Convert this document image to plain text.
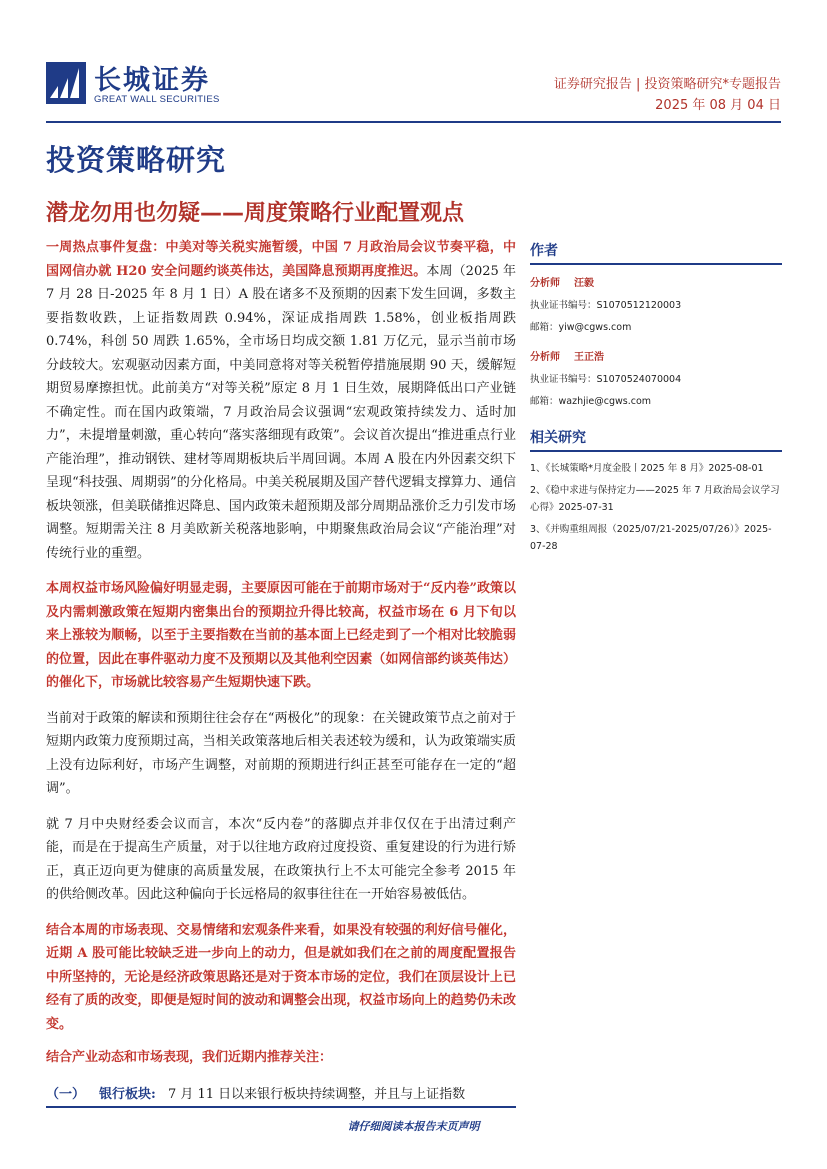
长城证券
GREAT WALL SECURITIES
证券研究报告 | 投资策略研究*专题报告
2025 年 08 月 04 日
投资策略研究
潜龙勿用也勿疑——周度策略行业配置观点

一周热点事件复盘：中美对等关税实施暂缓，中国 7 月政治局会议节奏平稳，中国网信办就 H20 安全问题约谈英伟达，美国降息预期再度推迟。本周（2025 年 7 月 28 日-2025 年 8 月 1 日）A 股在诸多不及预期的因素下发生回调，多数主要指数收跌，上证指数周跌 0.94%，深证成指周跌 1.58%，创业板指周跌 0.74%，科创 50 周跌 1.65%，全市场日均成交额 1.81 万亿元，显示当前市场分歧较大。宏观驱动因素方面，中美同意将对等关税暂停措施展期 90 天，缓解短期贸易摩擦担忧。此前美方“对等关税”原定 8 月 1 日生效，展期降低出口产业链不确定性。而在国内政策端，7 月政治局会议强调“宏观政策持续发力、适时加力”，未提增量刺激，重心转向“落实落细现有政策”。会议首次提出“推进重点行业产能治理”，推动钢铁、建材等周期板块后半周回调。本周 A 股在内外因素交织下呈现“科技强、周期弱”的分化格局。中美关税展期及国产替代逻辑支撑算力、通信板块领涨，但美联储推迟降息、国内政策未超预期及部分周期品涨价乏力引发市场调整。短期需关注 8 月美欧新关税落地影响，中期聚焦政治局会议“产能治理”对传统行业的重塑。

本周权益市场风险偏好明显走弱，主要原因可能在于前期市场对于“反内卷”政策以及内需刺激政策在短期内密集出台的预期拉升得比较高，权益市场在 6 月下旬以来上涨较为顺畅，以至于主要指数在当前的基本面上已经走到了一个相对比较脆弱的位置，因此在事件驱动力度不及预期以及其他利空因素（如网信部约谈英伟达）的催化下，市场就比较容易产生短期快速下跌。

当前对于政策的解读和预期往往会存在“两极化”的现象：在关键政策节点之前对于短期内政策力度预期过高，当相关政策落地后相关表述较为缓和，认为政策端实质上没有边际利好，市场产生调整，对前期的预期进行纠正甚至可能存在一定的“超调”。

就 7 月中央财经委会议而言，本次“反内卷”的落脚点并非仅仅在于出清过剩产能，而是在于提高生产质量，对于以往地方政府过度投资、重复建设的行为进行矫正，真正迈向更为健康的高质量发展，在政策执行上不太可能完全参考 2015 年的供给侧改革。因此这种偏向于长远格局的叙事往往在一开始容易被低估。

结合本周的市场表现、交易情绪和宏观条件来看，如果没有较强的利好信号催化，近期 A 股可能比较缺乏进一步向上的动力，但是就如我们在之前的周度配置报告中所坚持的，无论是经济政策思路还是对于资本市场的定位，我们在顶层设计上已经有了质的改变，即便是短时间的波动和调整会出现，权益市场向上的趋势仍未改变。

结合产业动态和市场表现，我们近期内推荐关注：

（一） 银行板块: 7 月 11 日以来银行板块持续调整，并且与上证指数
作者
分析师 汪毅
执业证书编号：S1070512120003
邮箱：yiw@cgws.com
分析师 王正浩
执业证书编号：S1070524070004
邮箱：wazhjie@cgws.com
相关研究
1、《长城策略*月度金股丨2025 年 8 月》2025-08-01
2、《稳中求进与保持定力——2025 年 7 月政治局会议学习心得》2025-07-31
3、《并购重组周报（2025/07/21-2025/07/26）》2025-07-28
请仔细阅读本报告末页声明
